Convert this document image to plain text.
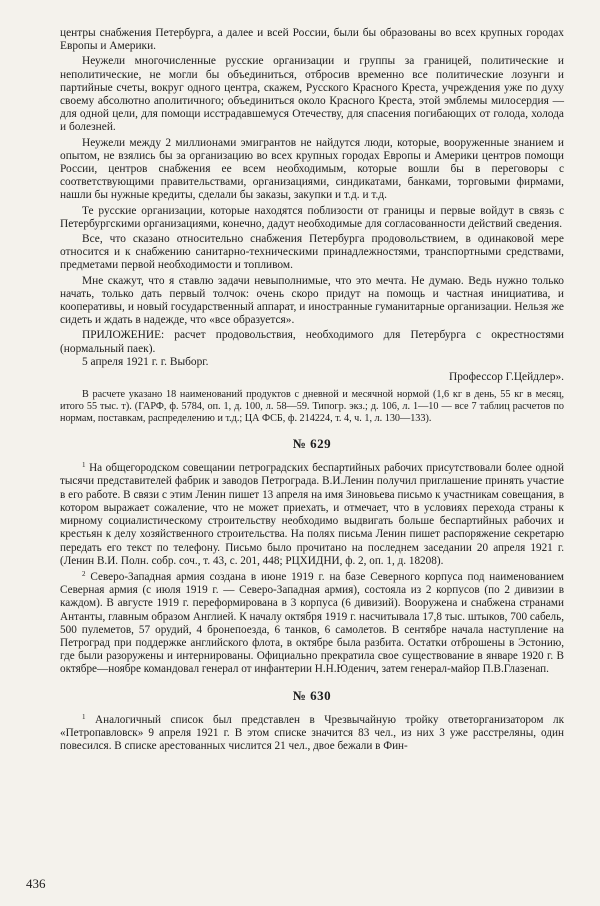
центры снабжения Петербурга, а далее и всей России, были бы образованы во всех крупных городах Европы и Америки.

Неужели многочисленные русские организации и группы за границей, политические и неполитические, не могли бы объединиться, отбросив временно все политические лозунги и партийные счеты, вокруг одного центра, скажем, Русского Красного Креста, учреждения уже по духу своему абсолютно аполитичного; объединиться около Красного Креста, этой эмблемы милосердия — для одной цели, для помощи исстрадавшемуся Отечеству, для спасения погибающих от голода, холода и болезней.

Неужели между 2 миллионами эмигрантов не найдутся люди, которые, вооруженные знанием и опытом, не взялись бы за организацию во всех крупных городах Европы и Америки центров помощи России, центров снабжения ее всем необходимым, которые вошли бы в переговоры с соответствующими правительствами, организациями, синдикатами, банками, торговыми фирмами, нашли бы нужные кредиты, сделали бы заказы, закупки и т.д. и т.д.

Те русские организации, которые находятся поблизости от границы и первые войдут в связь с Петербургскими организациями, конечно, дадут необходимые для согласованности действий сведения.

Все, что сказано относительно снабжения Петербурга продовольствием, в одинаковой мере относится и к снабжению санитарно-техническими принадлежностями, транспортными средствами, предметами первой необходимости и топливом.

Мне скажут, что я ставлю задачи невыполнимые, что это мечта. Не думаю. Ведь нужно только начать, только дать первый толчок: очень скоро придут на помощь и частная инициатива, и кооперативы, и новый государственный аппарат, и иностранные гуманитарные организации. Нельзя же сидеть и ждать в надежде, что «все образуется».

ПРИЛОЖЕНИЕ: расчет продовольствия, необходимого для Петербурга с окрестностями (нормальный паек).

5 апреля 1921 г. г. Выборг.

Профессор Г.Цейдлер».

В расчете указано 18 наименований продуктов с дневной и месячной нормой (1,6 кг в день, 55 кг в месяц, итого 55 тыс. т). (ГАРФ, ф. 5784, оп. 1, д. 100, л. 58—59. Типогр. экз.; д. 106, л. 1—10 — все 7 таблиц расчетов по нормам, поставкам, распределению и т.д.; ЦА ФСБ, ф. 214224, т. 4, ч. 1, л. 130—133).

№ 629

$^1$ На общегородском совещании петроградских беспартийных рабочих присутствовали более одной тысячи представителей фабрик и заводов Петрограда. В.И.Ленин получил приглашение принять участие в его работе. В связи с этим Ленин пишет 13 апреля на имя Зиновьева письмо к участникам совещания, в котором выражает сожаление, что не может приехать, и отмечает, что в условиях перехода страны к мирному социалистическому строительству необходимо выдвигать больше беспартийных рабочих и крестьян к делу хозяйственного строительства. На полях письма Ленин пишет распоряжение секретарю передать его текст по телефону. Письмо было прочитано на последнем заседании 20 апреля 1921 г. (Ленин В.И. Полн. собр. соч., т. 43, с. 201, 448; РЦХИДНИ, ф. 2, оп. 1, д. 18208).

$^2$ Северо-Западная армия создана в июне 1919 г. на базе Северного корпуса под наименованием Северная армия (с июля 1919 г. — Северо-Западная армия), состояла из 2 корпусов (по 2 дивизии в каждом). В августе 1919 г. переформирована в 3 корпуса (6 дивизий). Вооружена и снабжена странами Антанты, главным образом Англией. К началу октября 1919 г. насчитывала 17,8 тыс. штыков, 700 сабель, 500 пулеметов, 57 орудий, 4 бронепоезда, 6 танков, 6 самолетов. В сентябре начала наступление на Петроград при поддержке английского флота, в октябре была разбита. Остатки отброшены в Эстонию, где были разоружены и интернированы. Официально прекратила свое существование в январе 1920 г. В октябре—ноябре командовал генерал от инфантерии Н.Н.Юденич, затем генерал-майор П.В.Глазенап.

№ 630

$^1$ Аналогичный список был представлен в Чрезвычайную тройку ответорганизатором лк «Петропавловск» 9 апреля 1921 г. В этом списке значится 83 чел., из них 3 уже расстреляны, один повесился. В списке арестованных числится 21 чел., двое бежали в Фин-

436
